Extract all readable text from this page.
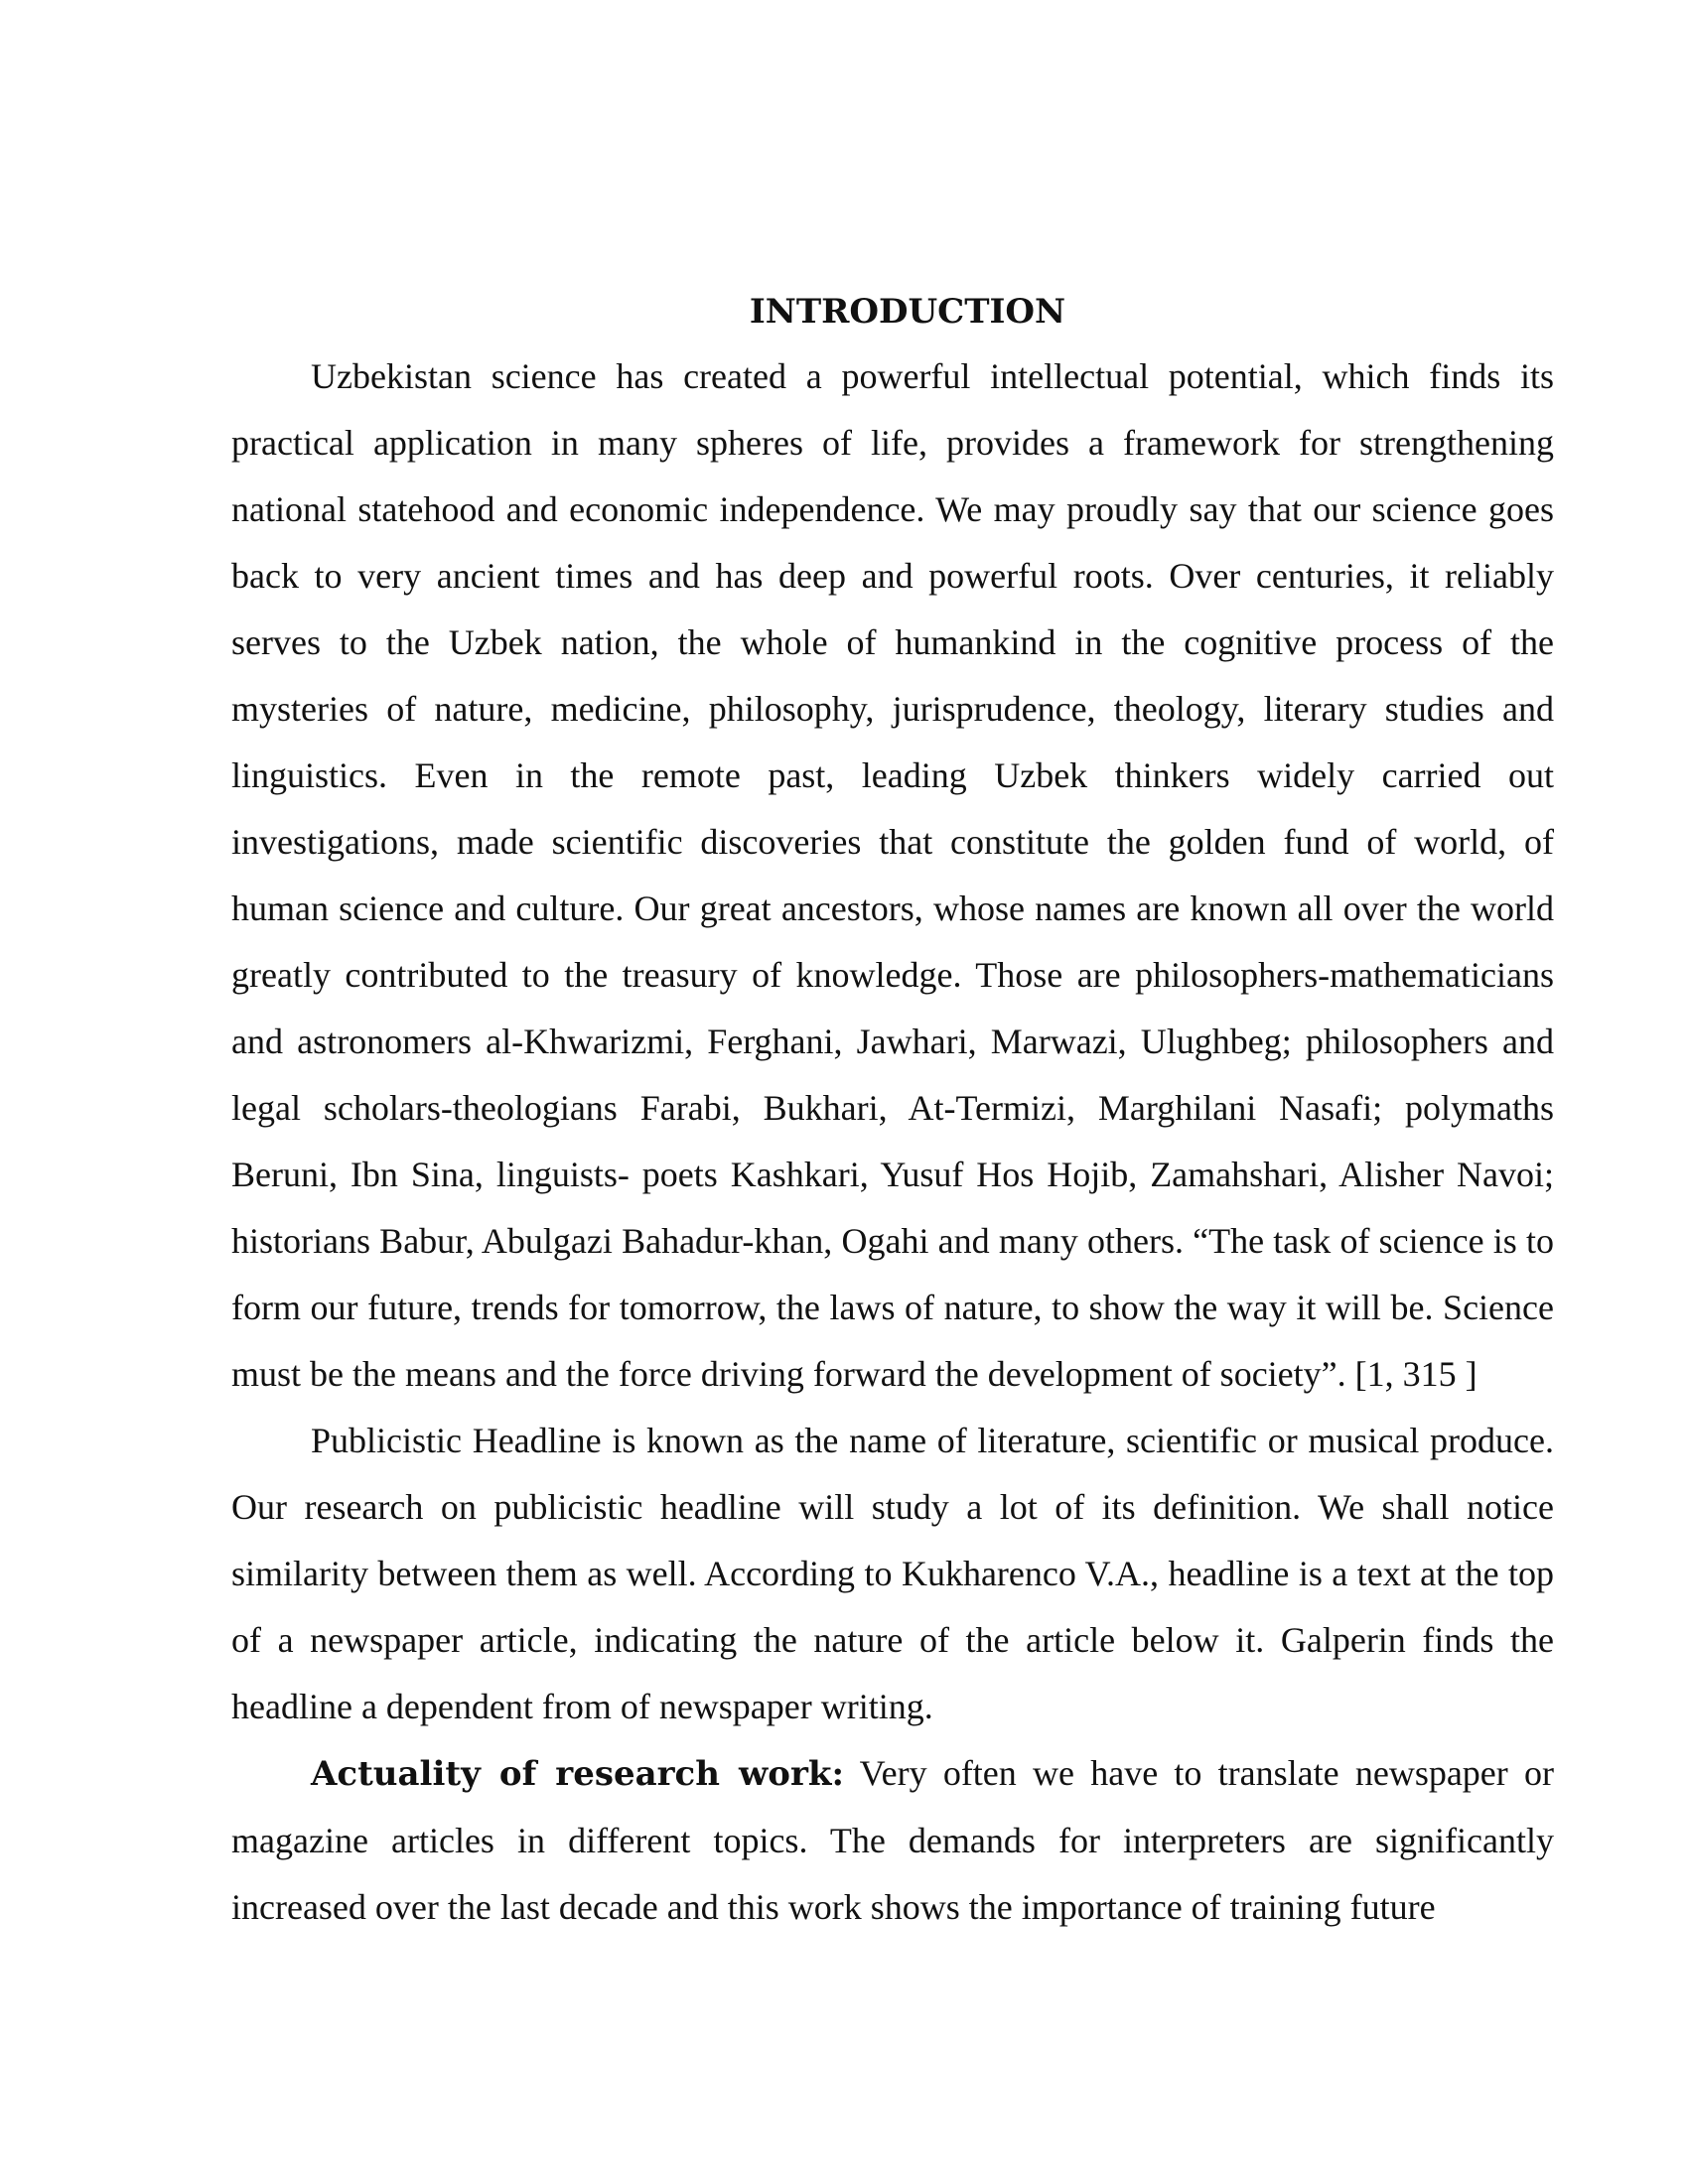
INTRODUCTION

Uzbekistan science has created a powerful intellectual potential, which finds its practical application in many spheres of life, provides a framework for strengthening national statehood and economic independence. We may proudly say that our science goes back to very ancient times and has deep and powerful roots. Over centuries, it reliably serves to the Uzbek nation, the whole of humankind in the cognitive process of the mysteries of nature, medicine, philosophy, jurisprudence, theology, literary studies and linguistics. Even in the remote past, leading Uzbek thinkers widely carried out investigations, made scientific discoveries that constitute the golden fund of world, of human science and culture. Our great ancestors, whose names are known all over the world greatly contributed to the treasury of knowledge. Those are philosophers-mathematicians and astronomers al-Khwarizmi, Ferghani, Jawhari, Marwazi, Ulughbeg; philosophers and legal scholars-theologians Farabi, Bukhari, At-Termizi, Marghilani Nasafi; polymaths Beruni, Ibn Sina, linguists- poets Kashkari, Yusuf Hos Hojib, Zamahshari, Alisher Navoi; historians Babur, Abulgazi Bahadur-khan, Ogahi and many others. “The task of science is to form our future, trends for tomorrow, the laws of nature, to show the way it will be. Science must be the means and the force driving forward the development of society”. [1, 315 ]

Publicistic Headline is known as the name of literature, scientific or musical produce. Our research on publicistic headline will study a lot of its definition. We shall notice similarity between them as well. According to Kukharenco V.A., headline is a text at the top of a newspaper article, indicating the nature of the article below it. Galperin finds the headline a dependent from of newspaper writing.

Actuality of research work: Very often we have to translate newspaper or magazine articles in different topics. The demands for interpreters are significantly increased over the last decade and this work shows the importance of training future
